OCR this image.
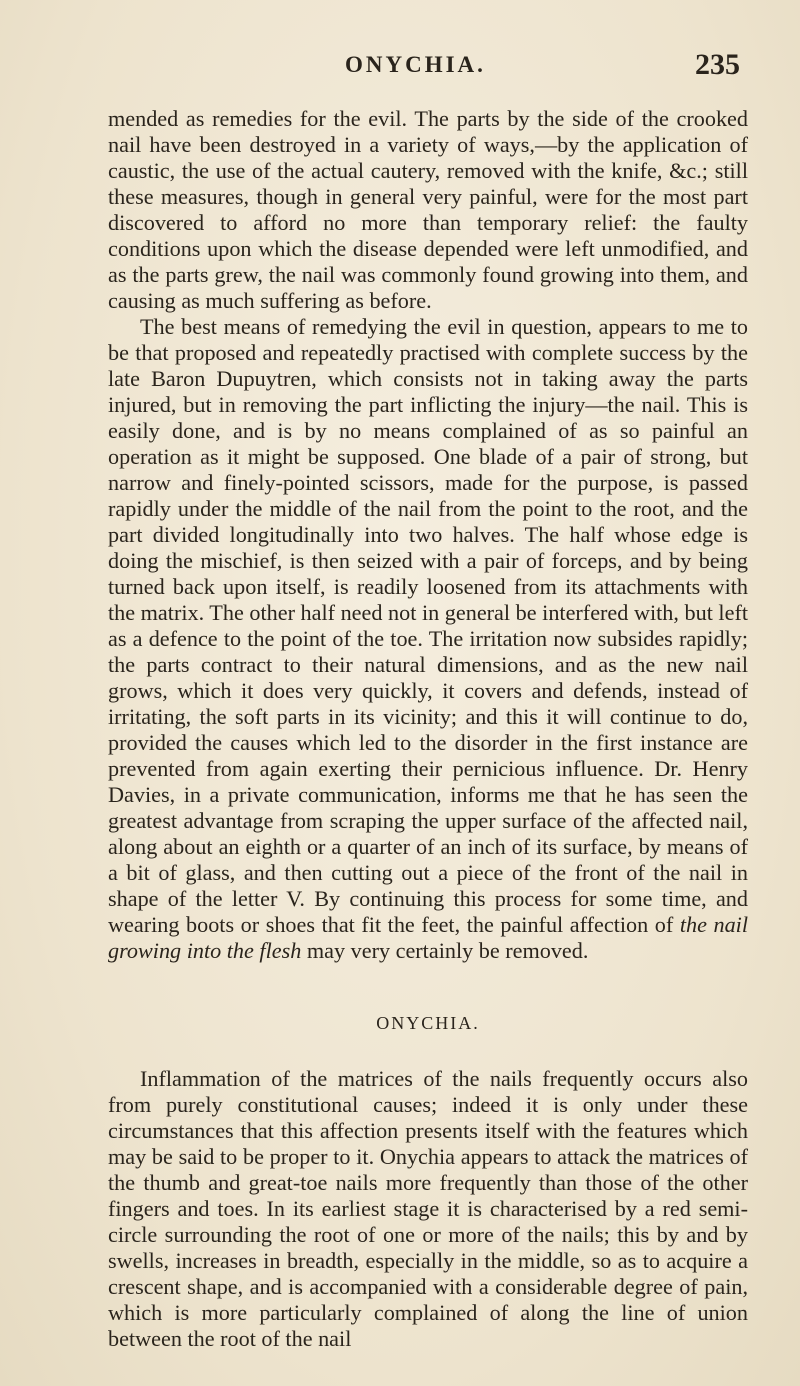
ONYCHIA.	235

mended as remedies for the evil. The parts by the side of the crooked nail have been destroyed in a variety of ways,—by the application of caustic, the use of the actual cautery, removed with the knife, &c.; still these measures, though in general very painful, were for the most part discovered to afford no more than temporary relief: the faulty conditions upon which the disease depended were left unmodified, and as the parts grew, the nail was commonly found growing into them, and causing as much suffering as before.

The best means of remedying the evil in question, appears to me to be that proposed and repeatedly practised with complete success by the late Baron Dupuytren, which consists not in taking away the parts injured, but in removing the part inflicting the injury—the nail. This is easily done, and is by no means complained of as so painful an operation as it might be supposed. One blade of a pair of strong, but narrow and finely-pointed scissors, made for the purpose, is passed rapidly under the middle of the nail from the point to the root, and the part divided longitudinally into two halves. The half whose edge is doing the mischief, is then seized with a pair of forceps, and by being turned back upon itself, is readily loosened from its attachments with the matrix. The other half need not in general be interfered with, but left as a defence to the point of the toe. The irritation now subsides rapidly; the parts contract to their natural dimensions, and as the new nail grows, which it does very quickly, it covers and defends, instead of irritating, the soft parts in its vicinity; and this it will continue to do, provided the causes which led to the disorder in the first instance are prevented from again exerting their pernicious influence. Dr. Henry Davies, in a private communication, informs me that he has seen the greatest advantage from scraping the upper surface of the affected nail, along about an eighth or a quarter of an inch of its surface, by means of a bit of glass, and then cutting out a piece of the front of the nail in shape of the letter V. By continuing this process for some time, and wearing boots or shoes that fit the feet, the painful affection of the nail growing into the flesh may very certainly be removed.

ONYCHIA.

Inflammation of the matrices of the nails frequently occurs also from purely constitutional causes; indeed it is only under these circumstances that this affection presents itself with the features which may be said to be proper to it. Onychia appears to attack the matrices of the thumb and great-toe nails more frequently than those of the other fingers and toes. In its earliest stage it is characterised by a red semi-circle surrounding the root of one or more of the nails; this by and by swells, increases in breadth, especially in the middle, so as to acquire a crescent shape, and is accompanied with a considerable degree of pain, which is more particularly complained of along the line of union between the root of the nail
